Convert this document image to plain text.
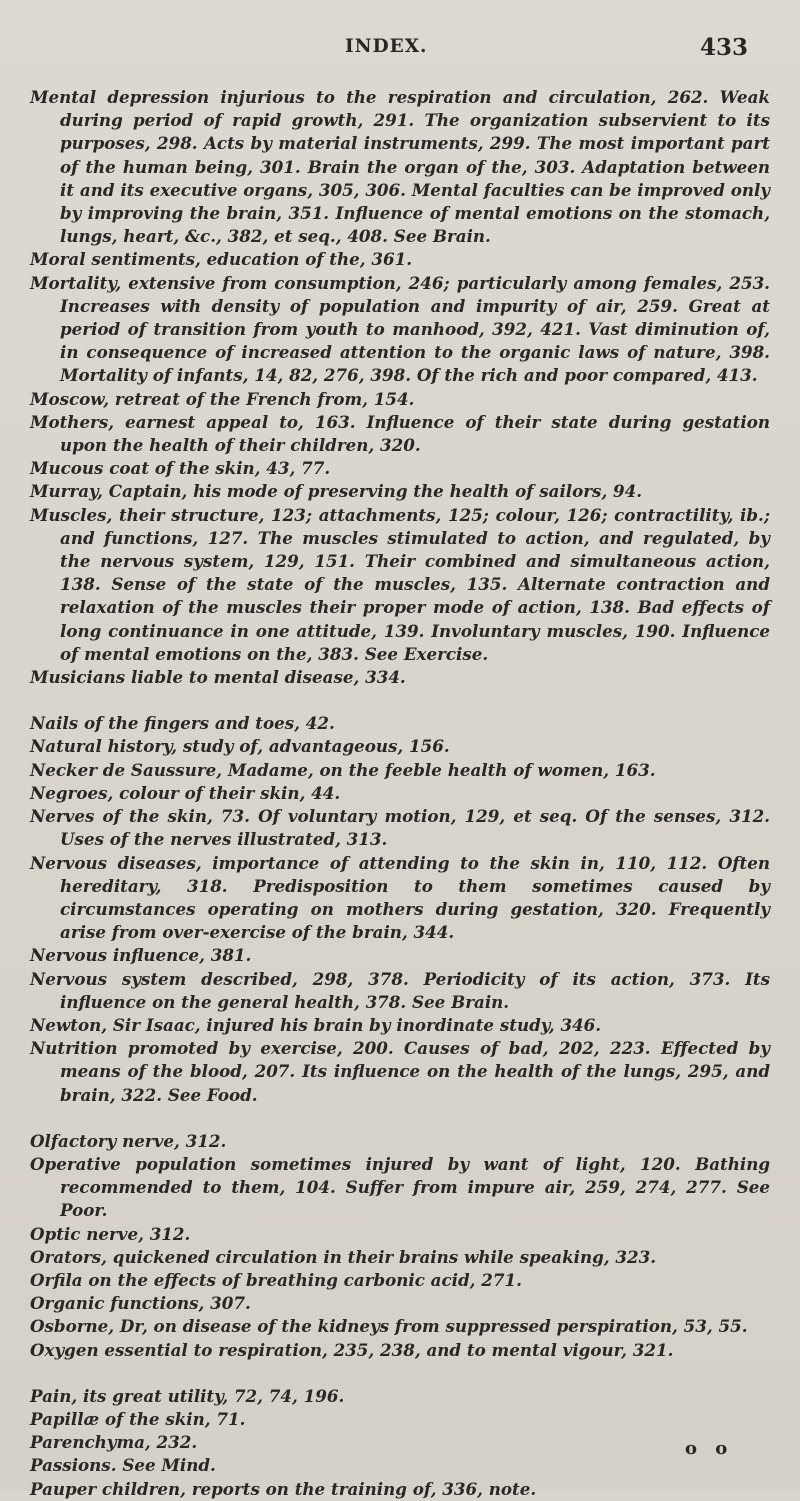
INDEX.	433

Mental depression injurious to the respiration and circulation, 262. Weak during period of rapid growth, 291. The organization subservient to its purposes, 298. Acts by material instruments, 299. The most important part of the human being, 301. Brain the organ of the, 303. Adaptation between it and its executive organs, 305, 306. Mental faculties can be improved only by improving the brain, 351. Influence of mental emotions on the stomach, lungs, heart, &c., 382, et seq., 408. See Brain.

Moral sentiments, education of the, 361.

Mortality, extensive from consumption, 246; particularly among females, 253. Increases with density of population and impurity of air, 259. Great at period of transition from youth to manhood, 392, 421. Vast diminution of, in consequence of increased attention to the organic laws of nature, 398. Mortality of infants, 14, 82, 276, 398. Of the rich and poor compared, 413.

Moscow, retreat of the French from, 154.

Mothers, earnest appeal to, 163. Influence of their state during gestation upon the health of their children, 320.

Mucous coat of the skin, 43, 77.

Murray, Captain, his mode of preserving the health of sailors, 94.

Muscles, their structure, 123; attachments, 125; colour, 126; contractility, ib.; and functions, 127. The muscles stimulated to action, and regulated, by the nervous system, 129, 151. Their combined and simultaneous action, 138. Sense of the state of the muscles, 135. Alternate contraction and relaxation of the muscles their proper mode of action, 138. Bad effects of long continuance in one attitude, 139. Involuntary muscles, 190. Influence of mental emotions on the, 383. See Exercise.

Musicians liable to mental disease, 334.

Nails of the fingers and toes, 42.

Natural history, study of, advantageous, 156.

Necker de Saussure, Madame, on the feeble health of women, 163.

Negroes, colour of their skin, 44.

Nerves of the skin, 73. Of voluntary motion, 129, et seq. Of the senses, 312. Uses of the nerves illustrated, 313.

Nervous diseases, importance of attending to the skin in, 110, 112. Often hereditary, 318. Predisposition to them sometimes caused by circumstances operating on mothers during gestation, 320. Frequently arise from over-exercise of the brain, 344.

Nervous influence, 381.

Nervous system described, 298, 378. Periodicity of its action, 373. Its influence on the general health, 378. See Brain.

Newton, Sir Isaac, injured his brain by inordinate study, 346.

Nutrition promoted by exercise, 200. Causes of bad, 202, 223. Effected by means of the blood, 207. Its influence on the health of the lungs, 295, and brain, 322. See Food.

Olfactory nerve, 312.

Operative population sometimes injured by want of light, 120. Bathing recommended to them, 104. Suffer from impure air, 259, 274, 277. See Poor.

Optic nerve, 312.

Orators, quickened circulation in their brains while speaking, 323.

Orfila on the effects of breathing carbonic acid, 271.

Organic functions, 307.

Osborne, Dr, on disease of the kidneys from suppressed perspiration, 53, 55.

Oxygen essential to respiration, 235, 238, and to mental vigour, 321.

Pain, its great utility, 72, 74, 196.

Papillæ of the skin, 71.

Parenchyma, 232.

Passions. See Mind.

Pauper children, reports on the training of, 336, note.

o o
